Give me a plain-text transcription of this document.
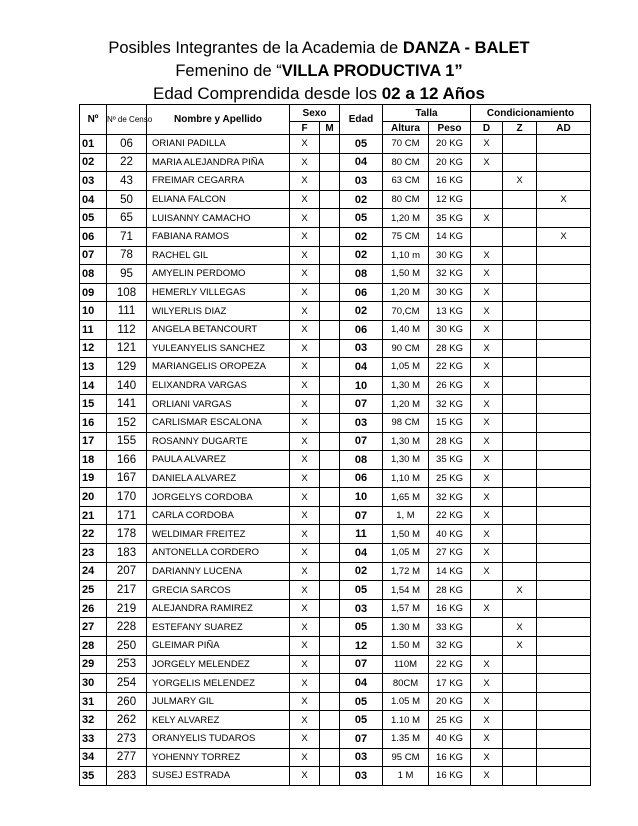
Posibles Integrantes de la Academia de DANZA - BALET
Femenino de “VILLA PRODUCTIVA 1”
Edad Comprendida desde los 02 a 12 Años
Nº	Nº de Censo	Nombre y Apellido	Sexo		Edad	Talla		Condicionamiento		
			F	M		Altura	Peso	D	Z	AD
01	06	ORIANI PADILLA	X		05	70 CM	20 KG	X		
02	22	MARIA ALEJANDRA PIÑA	X		04	80 CM	20 KG	X		
03	43	FREIMAR CEGARRA	X		03	63 CM	16 KG		X	
04	50	ELIANA FALCON	X		02	80 CM	12 KG			X
05	65	LUISANNY CAMACHO	X		05	1,20 M	35 KG	X		
06	71	FABIANA RAMOS	X		02	75 CM	14 KG			X
07	78	RACHEL GIL	X		02	1,10 m	30 KG	X		
08	95	AMYELIN PERDOMO	X		08	1,50 M	32 KG	X		
09	108	HEMERLY VILLEGAS	X		06	1,20 M	30 KG	X		
10	111	WILYERLIS DIAZ	X		02	70,CM	13 KG	X		
11	112	ANGELA BETANCOURT	X		06	1,40 M	30 KG	X		
12	121	YULEANYELIS SANCHEZ	X		03	90 CM	28 KG	X		
13	129	MARIANGELIS OROPEZA	X		04	1,05 M	22 KG	X		
14	140	ELIXANDRA VARGAS	X		10	1,30 M	26 KG	X		
15	141	ORLIANI VARGAS	X		07	1,20 M	32 KG	X		
16	152	CARLISMAR ESCALONA	X		03	98 CM	15 KG	X		
17	155	ROSANNY DUGARTE	X		07	1,30 M	28 KG	X		
18	166	PAULA ALVAREZ	X		08	1,30 M	35 KG	X		
19	167	DANIELA ALVAREZ	X		06	1,10 M	25 KG	X		
20	170	JORGELYS CORDOBA	X		10	1,65 M	32 KG	X		
21	171	CARLA CORDOBA	X		07	1, M	22 KG	X		
22	178	WELDIMAR FREITEZ	X		11	1,50 M	40 KG	X		
23	183	ANTONELLA CORDERO	X		04	1,05 M	27 KG	X		
24	207	DARIANNY LUCENA	X		02	1,72 M	14 KG	X		
25	217	GRECIA SARCOS	X		05	1,54 M	28 KG		X	
26	219	ALEJANDRA RAMIREZ	X		03	1,57 M	16 KG	X		
27	228	ESTEFANY SUAREZ	X		05	1.30 M	33 KG		X	
28	250	GLEIMAR PIÑA	X		12	1.50 M	32 KG		X	
29	253	JORGELY MELENDEZ	X		07	110M	22 KG	X		
30	254	YORGELIS MELENDEZ	X		04	80CM	17 KG	X		
31	260	JULMARY GIL	X		05	1.05 M	20 KG	X		
32	262	KELY ALVAREZ	X		05	1.10 M	25 KG	X		
33	273	ORANYELIS TUDAROS	X		07	1.35 M	40 KG	X		
34	277	YOHENNY TORREZ	X		03	95 CM	16 KG	X		
35	283	SUSEJ ESTRADA	X		03	1 M	16 KG	X		
